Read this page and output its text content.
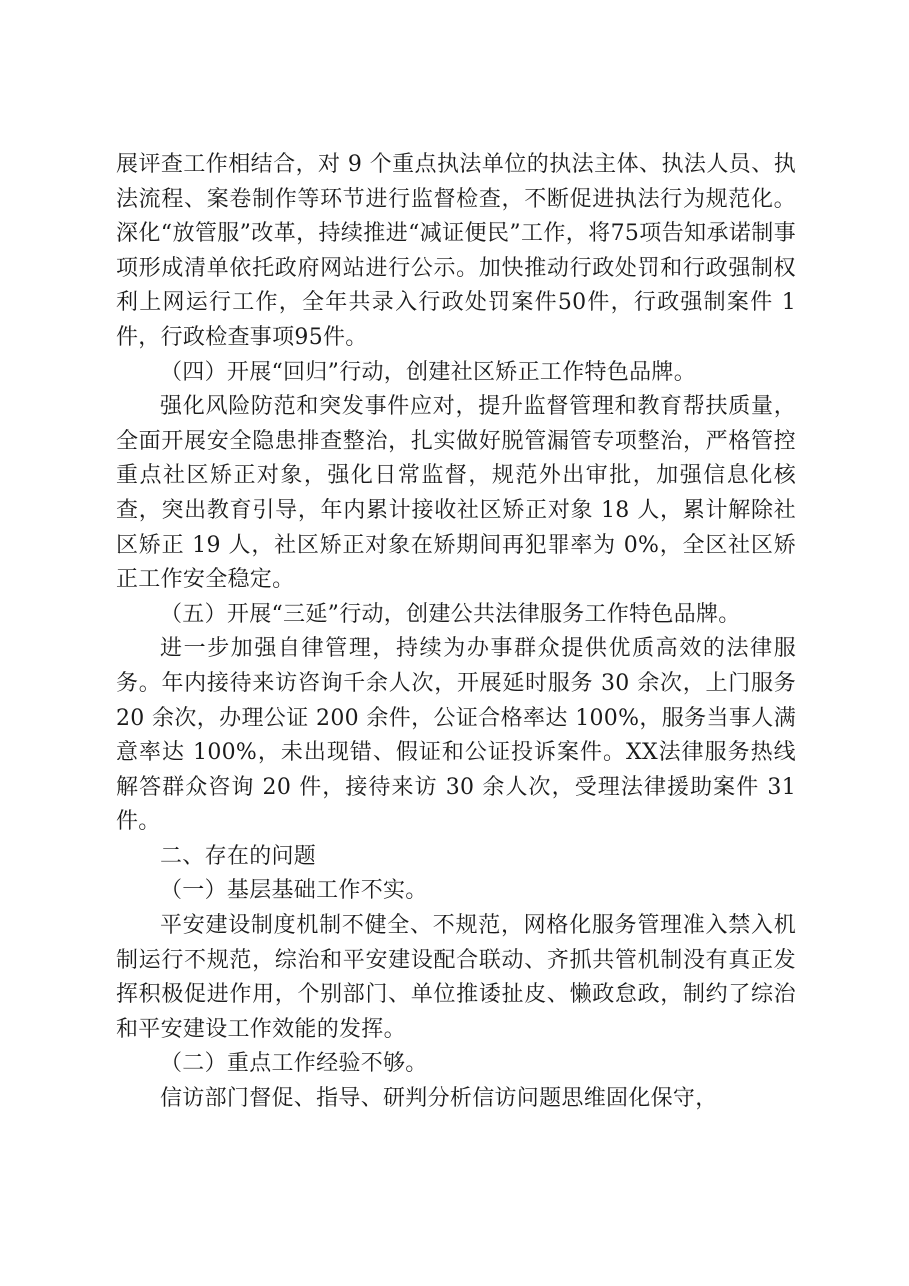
展评查工作相结合，对 9 个重点执法单位的执法主体、执法人员、执法流程、案卷制作等环节进行监督检查，不断促进执法行为规范化。深化“放管服”改革，持续推进“减证便民”工作，将75项告知承诺制事项形成清单依托政府网站进行公示。加快推动行政处罚和行政强制权利上网运行工作，全年共录入行政处罚案件50件，行政强制案件 1 件，行政检查事项95件。

（四）开展“回归”行动，创建社区矫正工作特色品牌。

强化风险防范和突发事件应对，提升监督管理和教育帮扶质量，全面开展安全隐患排查整治，扎实做好脱管漏管专项整治，严格管控重点社区矫正对象，强化日常监督，规范外出审批，加强信息化核查，突出教育引导，年内累计接收社区矫正对象 18 人，累计解除社区矫正 19 人，社区矫正对象在矫期间再犯罪率为 0%，全区社区矫正工作安全稳定。

（五）开展“三延”行动，创建公共法律服务工作特色品牌。

进一步加强自律管理，持续为办事群众提供优质高效的法律服务。年内接待来访咨询千余人次，开展延时服务 30 余次，上门服务 20 余次，办理公证 200 余件，公证合格率达 100%，服务当事人满意率达 100%，未出现错、假证和公证投诉案件。XX法律服务热线解答群众咨询 20 件，接待来访 30 余人次，受理法律援助案件 31 件。

二、存在的问题

（一）基层基础工作不实。

平安建设制度机制不健全、不规范，网格化服务管理准入禁入机制运行不规范，综治和平安建设配合联动、齐抓共管机制没有真正发挥积极促进作用，个别部门、单位推诿扯皮、懒政怠政，制约了综治和平安建设工作效能的发挥。

（二）重点工作经验不够。

信访部门督促、指导、研判分析信访问题思维固化保守，
